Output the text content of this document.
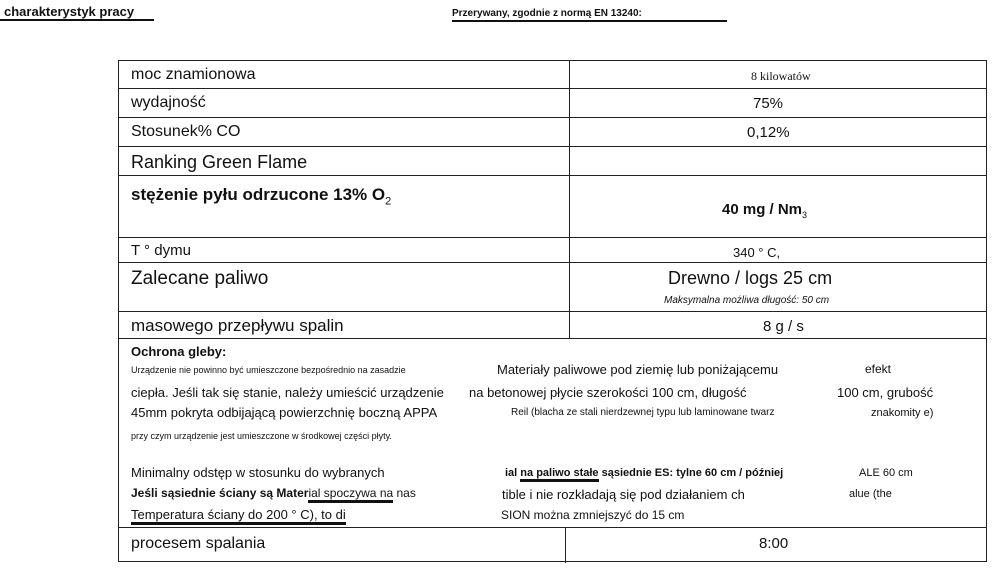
charakterystyk pracy	Przerywany, zgodnie z normą EN 13240:
moc znamionowa	8 kilowatów
wydajność	75%
Stosunek% CO	0,12%
Ranking Green Flame
stężenie pyłu odrzucone 13% $O_2$	40 mg / $Nm_3$
T ° dymu	340 ° C,
Zalecane paliwo	Drewno / logs 25 cm
Maksymalna możliwa długość: 50 cm
masowego przepływu spalin	8 g / s
Ochrona gleby:
Urządzenie nie powinno być umieszczone bezpośrednio na zasadzie	Materiały paliwowe pod ziemię lub poniżającemu	efekt
ciepła. Jeśli tak się stanie, należy umieścić urządzenie na betonowej płycie szerokości 100 cm, długość	100 cm, grubość
45mm pokryta odbijającą powierzchnię boczną APPA	Reil (blacha ze stali nierdzewnej typu lub laminowane twarz	znakomity e)
przy czym urządzenie jest umieszczone w środkowej części płyty.
Minimalny odstęp w stosunku do wybranych	ial na paliwo stałe sąsiednie ES: tylne 60 cm / później	ALE 60 cm
Jeśli sąsiednie ściany są Material spoczywa na nas	tible i nie rozkładają się pod działaniem ch	alue (the
Temperatura ściany do 200 ° C), to di	SION można zmniejszyć do 15 cm
procesem spalania	8:00
